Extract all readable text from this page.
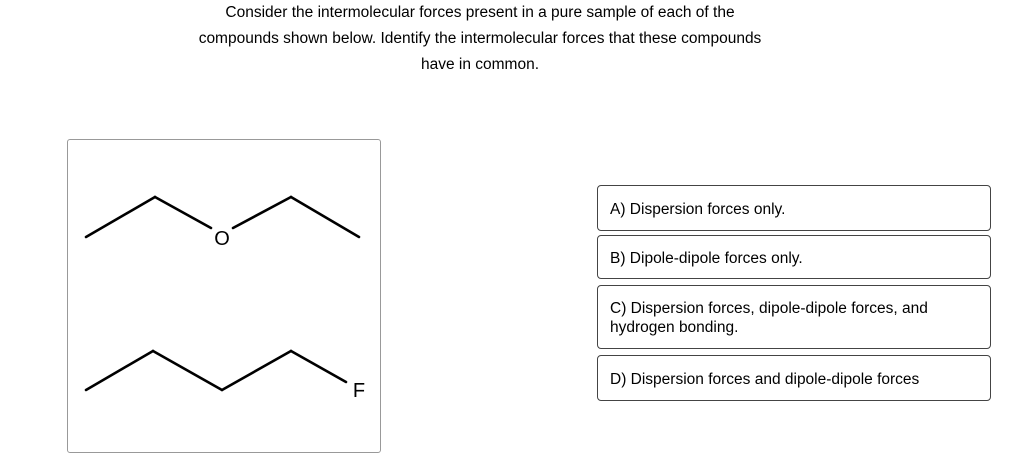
Consider the intermolecular forces present in a pure sample of each of the
compounds shown below. Identify the intermolecular forces that these compounds
have in common.
O
F
A) Dispersion forces only.
B) Dipole-dipole forces only.
C) Dispersion forces, dipole-dipole forces, and hydrogen bonding.
D) Dispersion forces and dipole-dipole forces
